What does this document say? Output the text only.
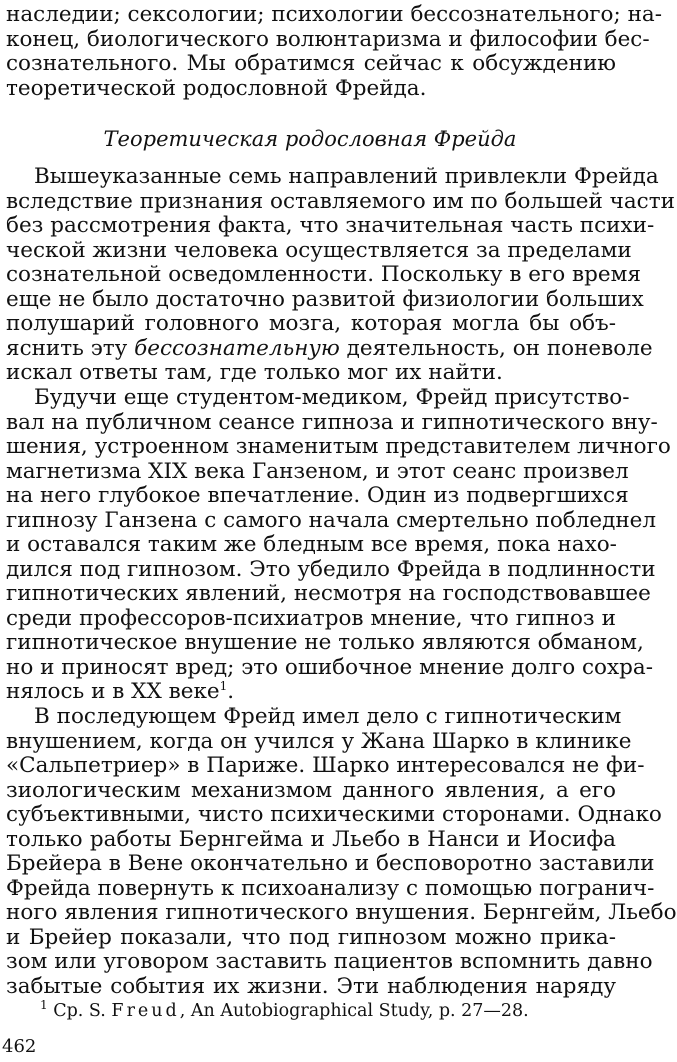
наследии; сексологии; психологии бессознательного; на-
конец, биологического волюнтаризма и философии бес-
сознательного. Мы обратимся сейчас к обсуждению
теоретической родословной Фрейда.
Теоретическая родословная Фрейда
Вышеуказанные семь направлений привлекли Фрейда
вследствие признания оставляемого им по большей части
без рассмотрения факта, что значительная часть психи-
ческой жизни человека осуществляется за пределами
сознательной осведомленности. Поскольку в его время
еще не было достаточно развитой физиологии больших
полушарий головного мозга, которая могла бы объ-
яснить эту бессознательную деятельность, он поневоле
искал ответы там, где только мог их найти.
Будучи еще студентом-медиком, Фрейд присутство-
вал на публичном сеансе гипноза и гипнотического вну-
шения, устроенном знаменитым представителем личного
магнетизма XIX века Ганзеном, и этот сеанс произвел
на него глубокое впечатление. Один из подвергшихся
гипнозу Ганзена с самого начала смертельно побледнел
и оставался таким же бледным все время, пока нахо-
дился под гипнозом. Это убедило Фрейда в подлинности
гипнотических явлений, несмотря на господствовавшее
среди профессоров-психиатров мнение, что гипноз и
гипнотическое внушение не только являются обманом,
но и приносят вред; это ошибочное мнение долго сохра-
нялось и в XX веке$^1$.
В последующем Фрейд имел дело с гипнотическим
внушением, когда он учился у Жана Шарко в клинике
«Сальпетриер» в Париже. Шарко интересовался не фи-
зиологическим механизмом данного явления, а его
субъективными, чисто психическими сторонами. Однако
только работы Бернгейма и Льебо в Нанси и Иосифа
Брейера в Вене окончательно и бесповоротно заставили
Фрейда повернуть к психоанализу с помощью погранич-
ного явления гипнотического внушения. Бернгейм, Льебо
и Брейер показали, что под гипнозом можно прика-
зом или уговором заставить пациентов вспомнить давно
забытые события их жизни. Эти наблюдения наряду
$^1$ Ср. S. Freud, An Autobiographical Study, p. 27—28.
462
